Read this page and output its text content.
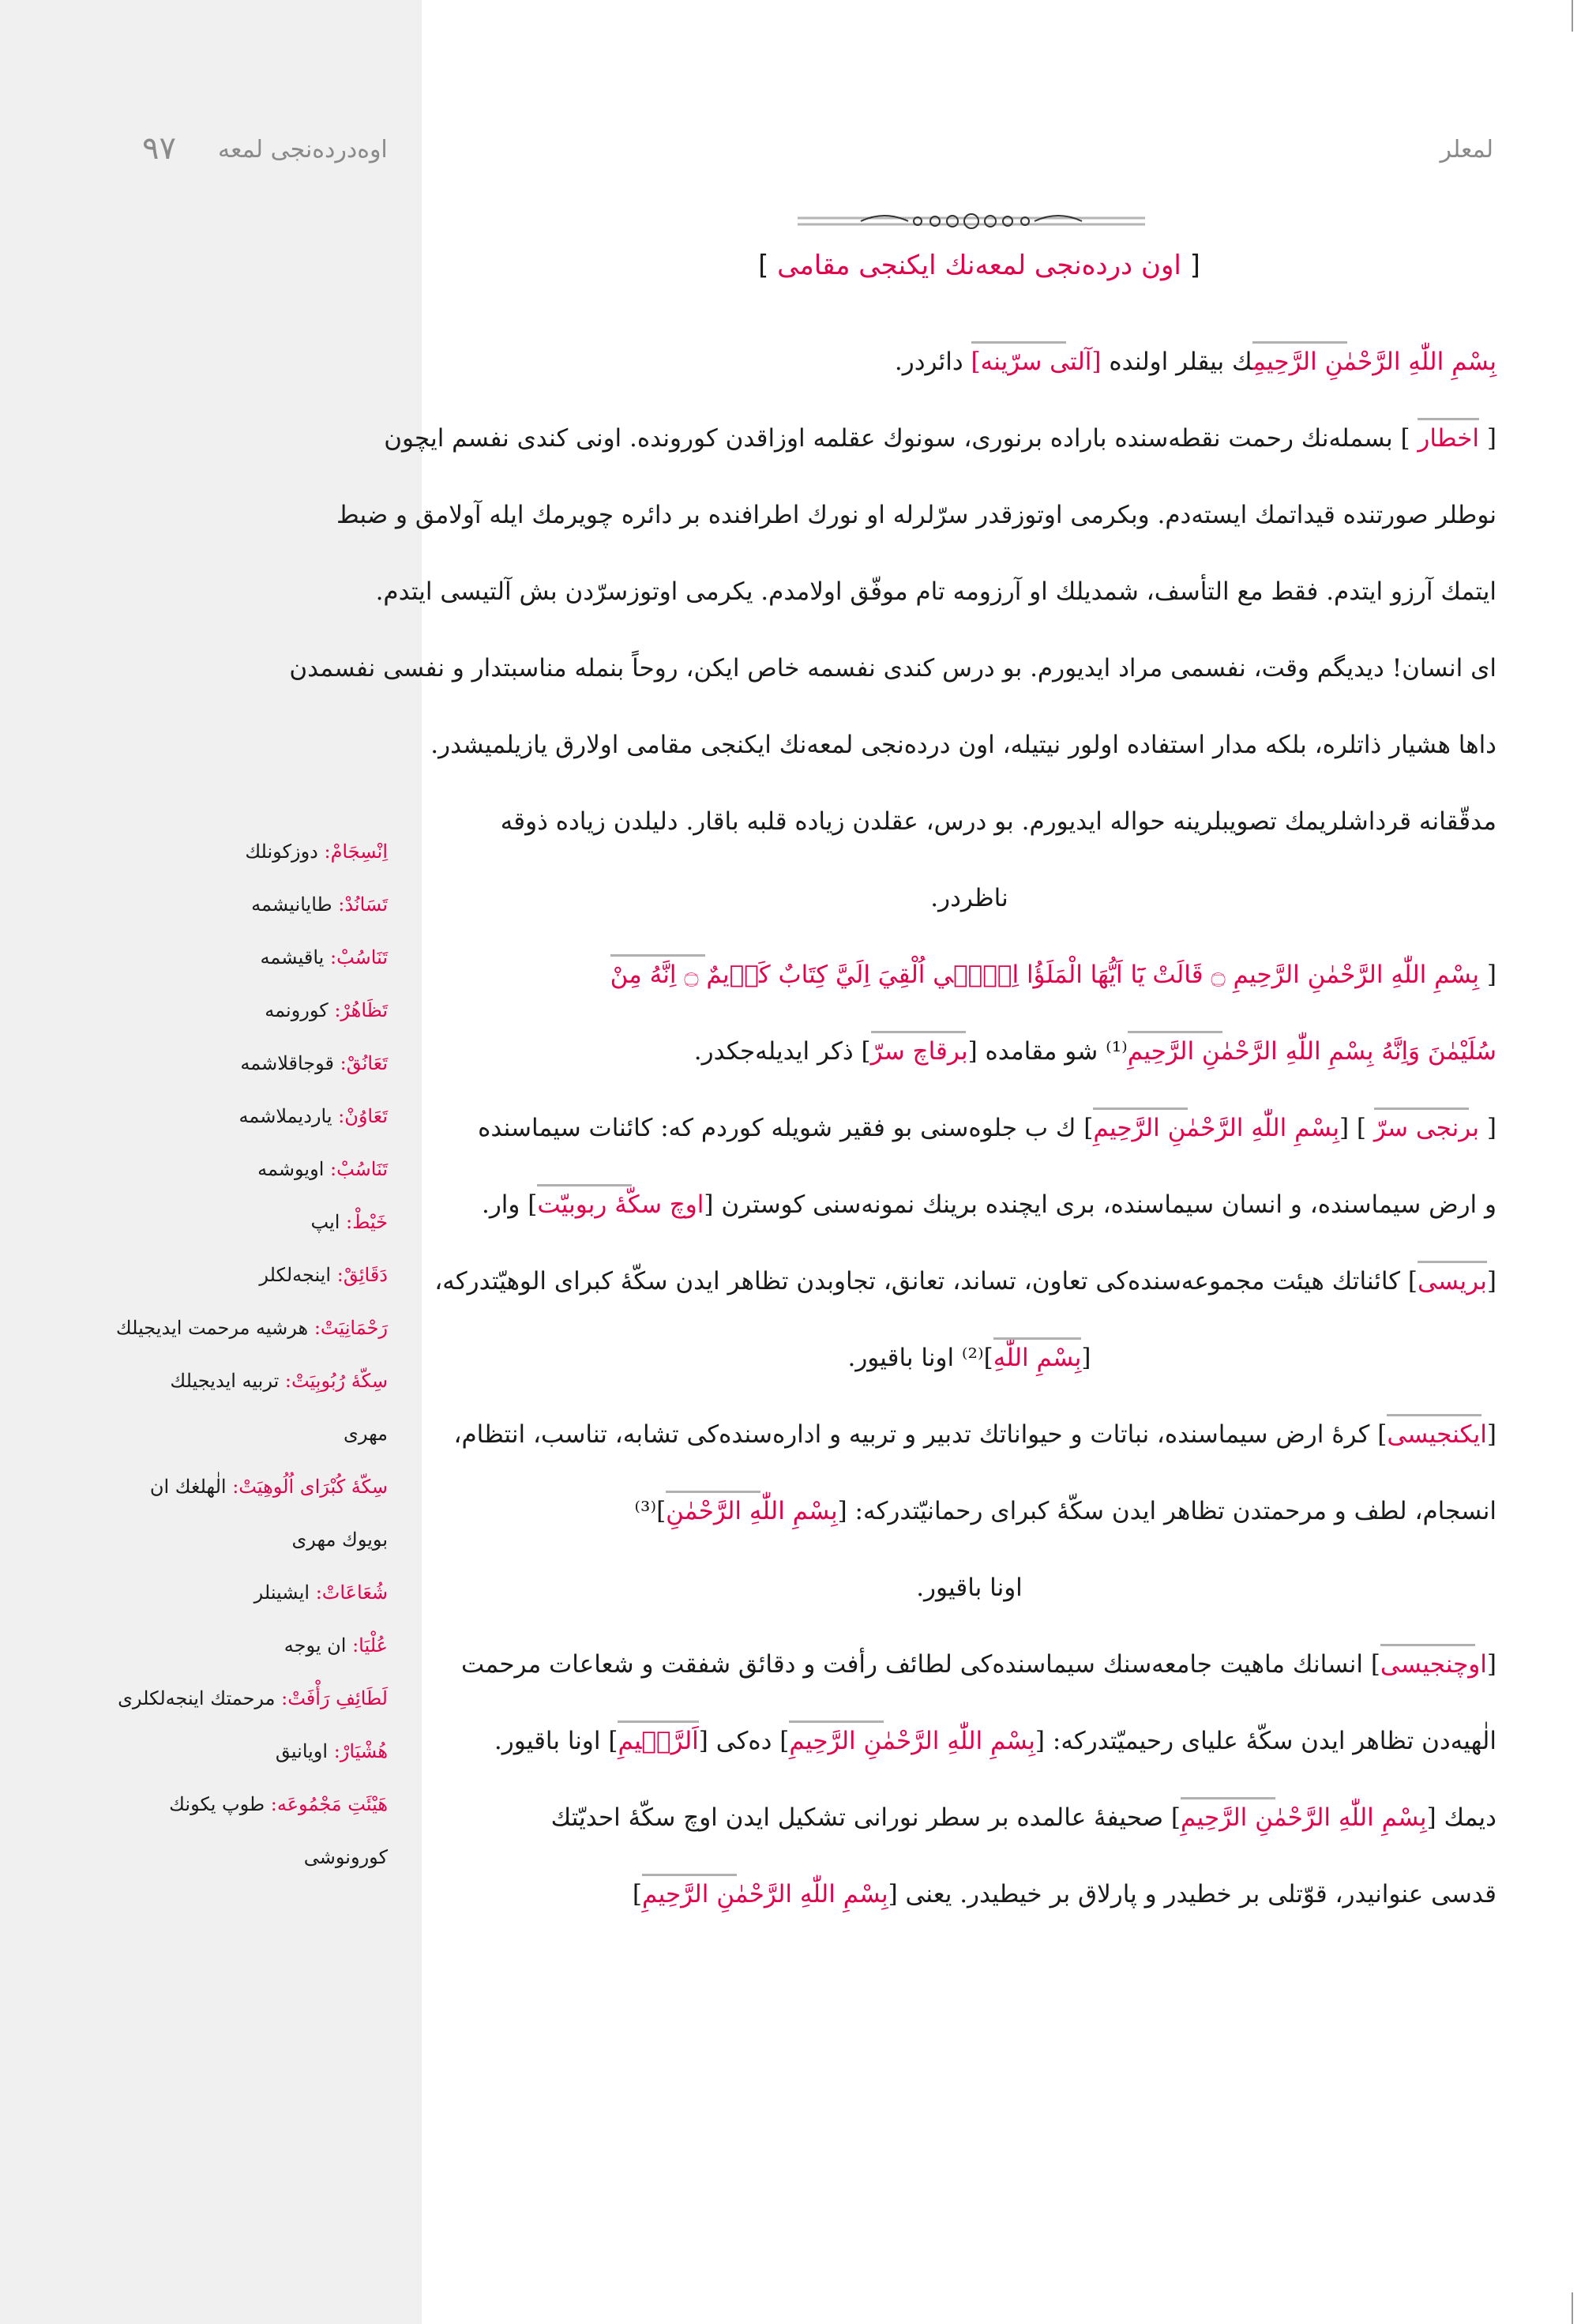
٩٧ اوه‌درده‌نجی لمعه	لمعلر
[ اون درده‌نجی لمعه‌نك ایكنجی مقامی ]
بِسْمِ اللّٰهِ الرَّحْمٰنِ الرَّحِيمِك بیقلر اولنده‌ [آلتی سرّینه] دائردر.
[ اخطار ] بسمله‌نك رحمت نقطه‌سنده باراده‌ برنوری، سونوك عقلمه اوزاقدن كورونده. اونی كندی نفسم ایچون
نوطلر صورتنده قیداتمك ایسته‌دم. وبكرمی اوتوزقدر سرّلرله او نورك اطرافنده بر دائره چویرمك ایله آولامق و ضبط
ایتمك آرزو ایتدم. فقط مع التأسف، شمدیلك او آرزومه تام موفّق اولامدم. یكرمی اوتوزسرّدن بش آلتیسی ایتدم.
ای انسان! دیدیگم وقت، نفسمی مراد ایدیورم. بو درس كندی نفسمه خاص ایكن، روحاً بنمله مناسبتدار و نفسی نفسمدن
داها هشیار ذاتلره، بلكه مدار استفاده اولور نیتیله، اون درده‌نجی لمعه‌نك ایكنجی مقامی اولارق یازیلمیشدر.
مدقّقانه قرداشلریمك تصویبلرینه حواله ایدیورم. بو درس، عقلدن زیاده قلبه باقار. دلیلدن زیاده ذوقه
ناظردر.
[ بِسْمِ اللّٰهِ الرَّحْمٰنِ الرَّحِيمِ ۝ قَالَتْ يَٓا اَيُّهَا الْمَلَؤُا اِنّ۪ٓي اُلْقِيَ اِلَيَّ كِتَابٌ كَر۪يمٌ ۝ اِنَّهُ مِنْ
سُلَيْمٰنَ وَاِنَّهُ بِسْمِ اللّٰهِ الرَّحْمٰنِ الرَّحِيمِ⁽¹⁾ شو مقامده [برقاچ سرّ] ذكر ایدیله‌جكدر.
[ برنجی سرّ ] [بِسْمِ اللّٰهِ الرَّحْمٰنِ الرَّحِيمِ] ك ب جلوه‌سنی بو فقیر شویله كوردم كه: كائنات سیماسنده
و ارض سیماسنده، و انسان سیماسنده، بری ایچنده برینك نمونه‌سنی كوسترن [اوچ سكّهٔ ربوبیّت] وار.
[بریسی] كائناتك هیئت مجموعه‌سنده‌كی تعاون، تساند، تعانق، تجاوبدن تظاهر ایدن سكّهٔ كبرای الوهیّتدركه،
[بِسْمِ اللّٰهِ]⁽²⁾ اونا باقیور.
[ایكنجیسی] كرهٔ ارض سیماسنده، نباتات و حیواناتك تدبیر و تربیه و اداره‌سنده‌كی تشابه، تناسب، انتظام،
انسجام، لطف و مرحمتدن تظاهر ایدن سكّهٔ كبرای رحمانیّتدركه: [بِسْمِ اللّٰهِ الرَّحْمٰنِ]⁽³⁾
اونا باقیور.
[اوچنجیسی] انسانك ماهیت جامعه‌سنك سیماسنده‌كی لطائف رأفت و دقائق شفقت و شعاعات مرحمت
الٰهیه‌دن تظاهر ایدن سكّهٔ علیای رحیمیّتدركه: [بِسْمِ اللّٰهِ الرَّحْمٰنِ الرَّحِيمِ] ده‌كی [اَلرَّح۪يمِ] اونا باقیور.
دیمك [بِسْمِ اللّٰهِ الرَّحْمٰنِ الرَّحِيمِ] صحیفهٔ عالمده بر سطر نورانی تشكیل ایدن اوچ سكّهٔ احدیّتك
قدسی عنوانیدر، قوّتلی بر خطیدر و پارلاق بر خیطیدر. یعنی [بِسْمِ اللّٰهِ الرَّحْمٰنِ الرَّحِيمِ]
اِنْسِجَامْ: دوزكونلك
تَسَانُدْ: طایانیشمه
تَنَاسُبْ: یاقیشمه
تَظَاهُرْ: كورونمه
تَعَانُقْ: قوجاقلاشمه
تَعَاوُنْ: یاردیملاشمه
تَنَاسُبْ: اویوشمه
خَيْطْ: ایپ
دَقَائِقْ: اینجه‌لكلر
رَحْمَانِيَتْ: هرشیه مرحمت ایدیجیلك
سِكّهٔ رُبُوبِيَتْ: تربیه ایدیجیلك
مهری
سِكّهٔ كُبْرَاى اُلُوهِيَتْ: الٰهلغك ان
بویوك مهری
شُعَاعَاتْ: ایشینلر
عُلْيَا: ان یوجه
لَطَائِفِ رَأْفَتْ: مرحمتك اینجه‌لكلری
هُشْيَارْ: اویانیق
هَيْئَتِ مَجْمُوعَه: طوپ یكونك
كورونوشی
